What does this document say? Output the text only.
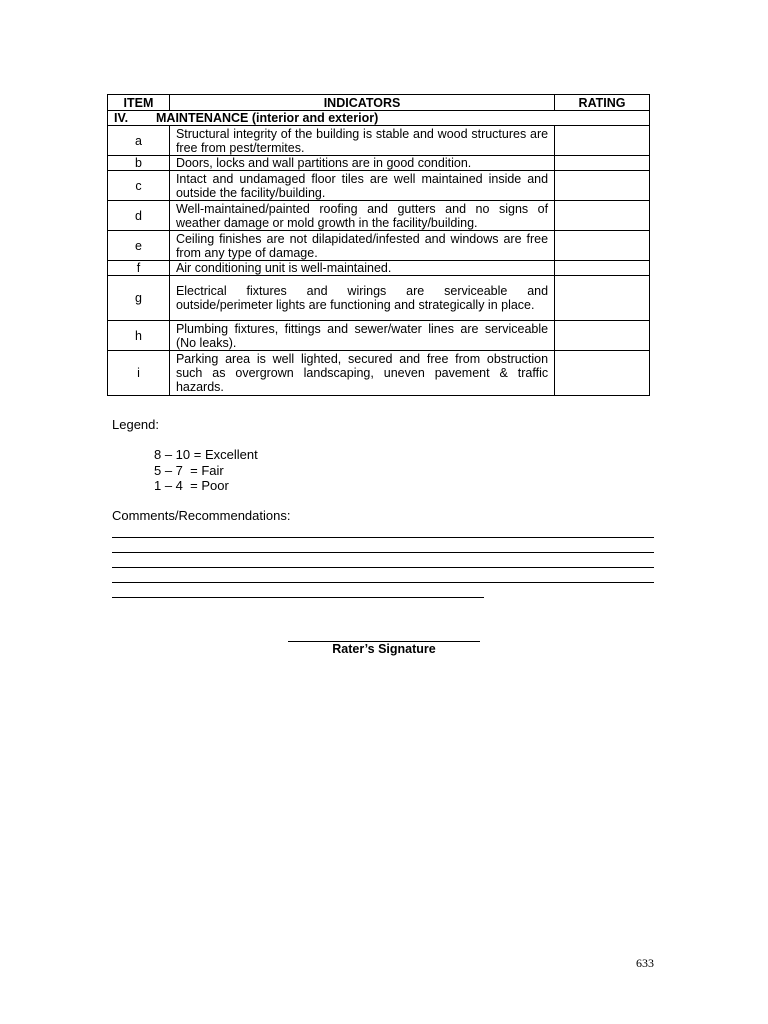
ITEM	INDICATORS	RATING
IV. MAINTENANCE (interior and exterior)		
a	Structural integrity of the building is stable and wood structures are free from pest/termites.	
b	Doors, locks and wall partitions are in good condition.	
c	Intact and undamaged floor tiles are well maintained inside and outside the facility/building.	
d	Well-maintained/painted roofing and gutters and no signs of weather damage or mold growth in the facility/building.	
e	Ceiling finishes are not dilapidated/infested and windows are free from any type of damage.	
f	Air conditioning unit is well-maintained.	
g	Electrical fixtures and wirings are serviceable and outside/perimeter lights are functioning and strategically in place.	
h	Plumbing fixtures, fittings and sewer/water lines are serviceable (No leaks).	
i	Parking area is well lighted, secured and free from obstruction such as overgrown landscaping, uneven pavement & traffic hazards.	
Legend:
8 – 10 = Excellent
5 – 7  = Fair
1 – 4  = Poor
Comments/Recommendations:
Rater’s Signature
633
